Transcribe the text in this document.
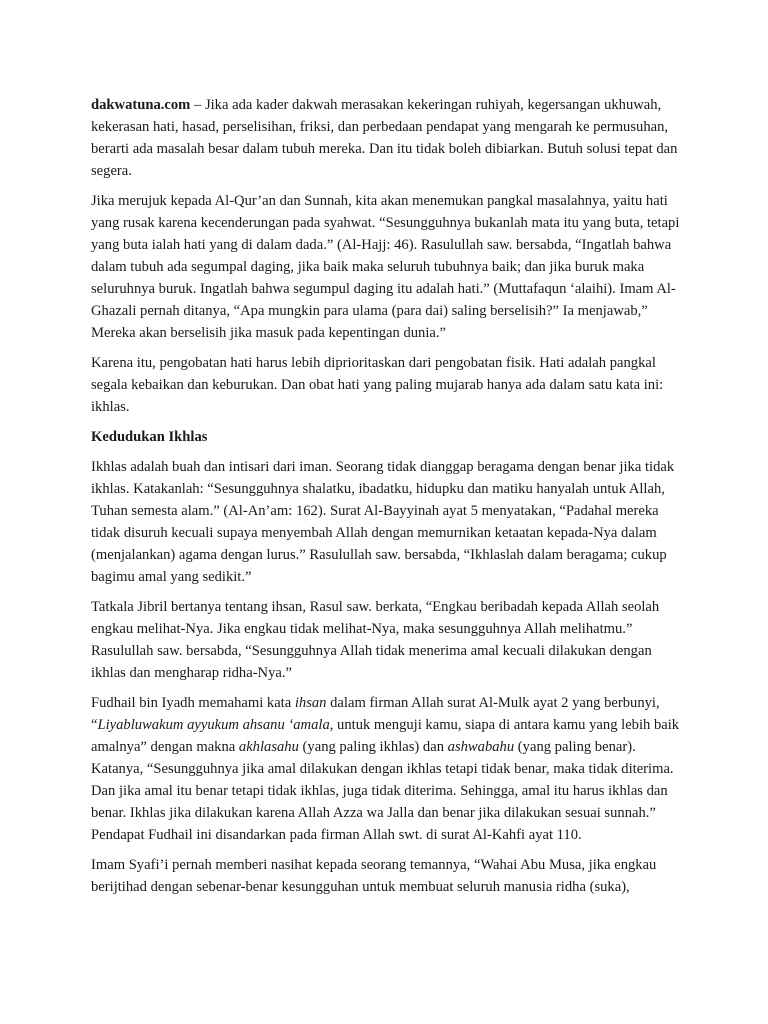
dakwatuna.com – Jika ada kader dakwah merasakan kekeringan ruhiyah, kegersangan ukhuwah, kekerasan hati, hasad, perselisihan, friksi, dan perbedaan pendapat yang mengarah ke permusuhan, berarti ada masalah besar dalam tubuh mereka. Dan itu tidak boleh dibiarkan. Butuh solusi tepat dan segera.

Jika merujuk kepada Al-Qur’an dan Sunnah, kita akan menemukan pangkal masalahnya, yaitu hati yang rusak karena kecenderungan pada syahwat. “Sesungguhnya bukanlah mata itu yang buta, tetapi yang buta ialah hati yang di dalam dada.” (Al-Hajj: 46). Rasulullah saw. bersabda, “Ingatlah bahwa dalam tubuh ada segumpal daging, jika baik maka seluruh tubuhnya baik; dan jika buruk maka seluruhnya buruk. Ingatlah bahwa segumpul daging itu adalah hati.” (Muttafaqun ‘alaihi). Imam Al-Ghazali pernah ditanya, “Apa mungkin para ulama (para dai) saling berselisih?” Ia menjawab,” Mereka akan berselisih jika masuk pada kepentingan dunia.”

Karena itu, pengobatan hati harus lebih diprioritaskan dari pengobatan fisik. Hati adalah pangkal segala kebaikan dan keburukan. Dan obat hati yang paling mujarab hanya ada dalam satu kata ini: ikhlas.

Kedudukan Ikhlas

Ikhlas adalah buah dan intisari dari iman. Seorang tidak dianggap beragama dengan benar jika tidak ikhlas. Katakanlah: “Sesungguhnya shalatku, ibadatku, hidupku dan matiku hanyalah untuk Allah, Tuhan semesta alam.” (Al-An’am: 162). Surat Al-Bayyinah ayat 5 menyatakan, “Padahal mereka tidak disuruh kecuali supaya menyembah Allah dengan memurnikan ketaatan kepada-Nya dalam (menjalankan) agama dengan lurus.” Rasulullah saw. bersabda, “Ikhlaslah dalam beragama; cukup bagimu amal yang sedikit.”

Tatkala Jibril bertanya tentang ihsan, Rasul saw. berkata, “Engkau beribadah kepada Allah seolah engkau melihat-Nya. Jika engkau tidak melihat-Nya, maka sesungguhnya Allah melihatmu.” Rasulullah saw. bersabda, “Sesungguhnya Allah tidak menerima amal kecuali dilakukan dengan ikhlas dan mengharap ridha-Nya.”

Fudhail bin Iyadh memahami kata ihsan dalam firman Allah surat Al-Mulk ayat 2 yang berbunyi, “Liyabluwakum ayyukum ahsanu ‘amala, untuk menguji kamu, siapa di antara kamu yang lebih baik amalnya” dengan makna akhlasahu (yang paling ikhlas) dan ashwabahu (yang paling benar). Katanya, “Sesungguhnya jika amal dilakukan dengan ikhlas tetapi tidak benar, maka tidak diterima. Dan jika amal itu benar tetapi tidak ikhlas, juga tidak diterima. Sehingga, amal itu harus ikhlas dan benar. Ikhlas jika dilakukan karena Allah Azza wa Jalla dan benar jika dilakukan sesuai sunnah.” Pendapat Fudhail ini disandarkan pada firman Allah swt. di surat Al-Kahfi ayat 110.

Imam Syafi’i pernah memberi nasihat kepada seorang temannya, “Wahai Abu Musa, jika engkau berijtihad dengan sebenar-benar kesungguhan untuk membuat seluruh manusia ridha (suka),
